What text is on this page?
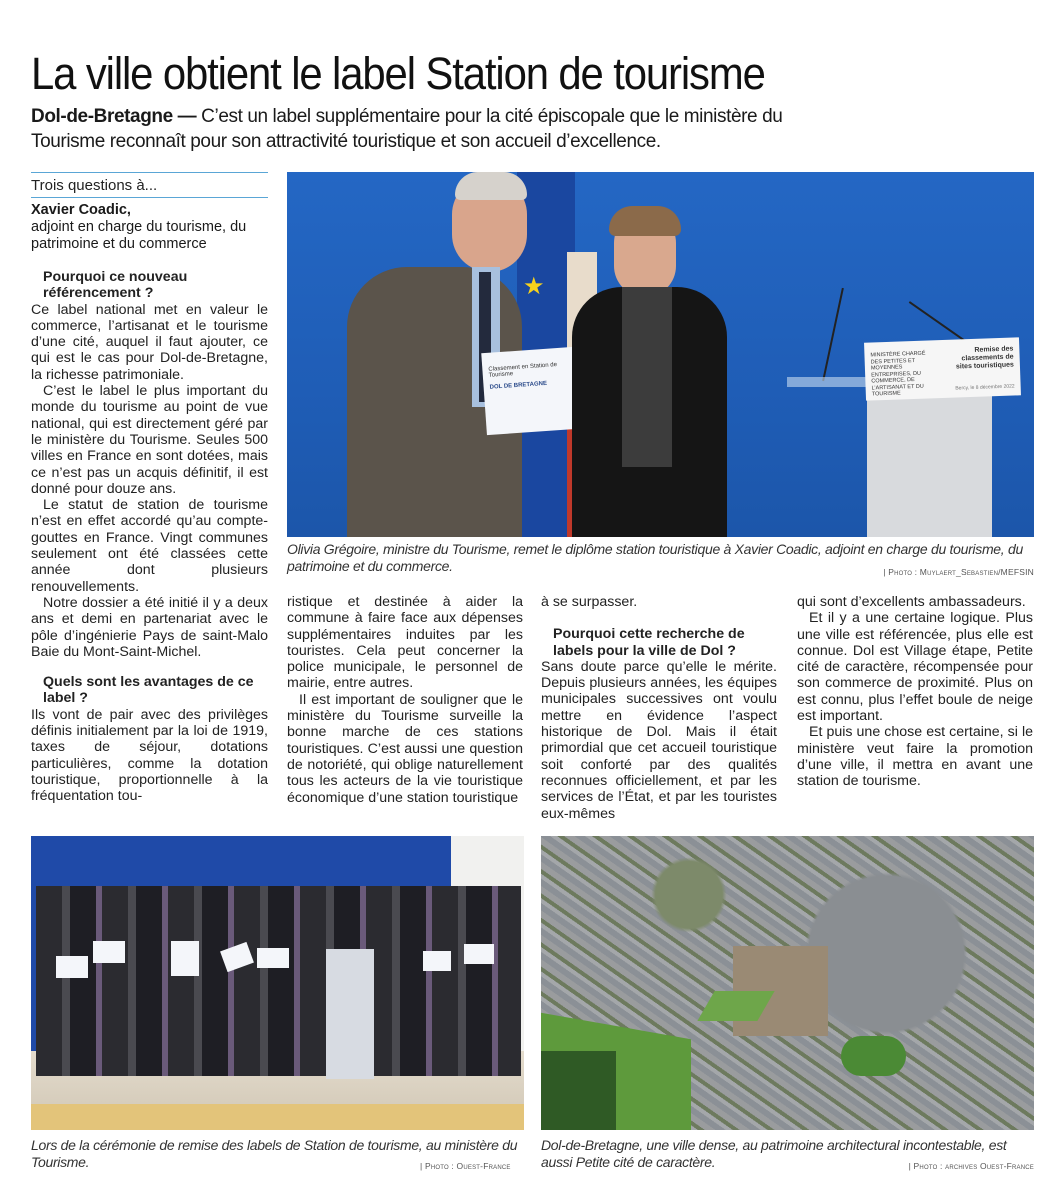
La ville obtient le label Station de tourisme
Dol-de-Bretagne — C’est un label supplémentaire pour la cité épiscopale que le ministère du Tourisme reconnaît pour son attractivité touristique et son accueil d’excellence.
Trois questions à...
Xavier Coadic,
adjoint en charge du tourisme, du patrimoine et du commerce
Pourquoi ce nouveau référencement ?

Ce label national met en valeur le commerce, l’artisanat et le tourisme d’une cité, auquel il faut ajouter, ce qui est le cas pour Dol-de-Bretagne, la richesse patrimoniale.

C’est le label le plus important du monde du tourisme au point de vue national, qui est directement géré par le ministère du Tourisme. Seules 500 villes en France en sont dotées, mais ce n’est pas un acquis définitif, il est donné pour douze ans.

Le statut de station de tourisme n’est en effet accordé qu’au compte-gouttes en France. Vingt communes seulement ont été classées cette année dont plusieurs renouvellements.

Notre dossier a été initié il y a deux ans et demi en partenariat avec le pôle d’ingénierie Pays de saint-Malo Baie du Mont-Saint-Michel.

Quels sont les avantages de ce label ?

Ils vont de pair avec des privilèges définis initialement par la loi de 1919, taxes de séjour, dotations particulières, comme la dotation touristique, proportionnelle à la fréquentation tou-

★
Classement en Station de Tourisme
DOL DE BRETAGNE
MINISTÈRE CHARGÉ DES PETITES ET MOYENNES ENTREPRISES, DU COMMERCE, DE L’ARTISANAT ET DU TOURISME
Remise des classements de sites touristiques
Bercy, le 8 décembre 2022
Olivia Grégoire, ministre du Tourisme, remet le diplôme station touristique à Xavier Coadic, adjoint en charge du tourisme, du patrimoine et du commerce.	| Photo : Muylaert_Sebastien/MEFSIN

ristique et destinée à aider la commune à faire face aux dépenses supplémentaires induites par les touristes. Cela peut concerner la police municipale, le personnel de mairie, entre autres.

Il est important de souligner que le ministère du Tourisme surveille la bonne marche de ces stations touristiques. C’est aussi une question de notoriété, qui oblige naturellement tous les acteurs de la vie touristique économique d’une station touristique

à se surpasser.

Pourquoi cette recherche de labels pour la ville de Dol ?

Sans doute parce qu’elle le mérite. Depuis plusieurs années, les équipes municipales successives ont voulu mettre en évidence l’aspect historique de Dol. Mais il était primordial que cet accueil touristique soit conforté par des qualités reconnues officiellement, et par les services de l’État, et par les touristes eux-mêmes

qui sont d’excellents ambassadeurs.

Et il y a une certaine logique. Plus une ville est référencée, plus elle est connue. Dol est Village étape, Petite cité de caractère, récompensée pour son commerce de proximité. Plus on est connu, plus l’effet boule de neige est important.

Et puis une chose est certaine, si le ministère veut faire la promotion d’une ville, il mettra en avant une station de tourisme.

Lors de la cérémonie de remise des labels de Station de tourisme, au ministère du Tourisme.	| Photo : Ouest-France
Dol-de-Bretagne, une ville dense, au patrimoine architectural incontestable, est aussi Petite cité de caractère.	| Photo : archives Ouest-France
